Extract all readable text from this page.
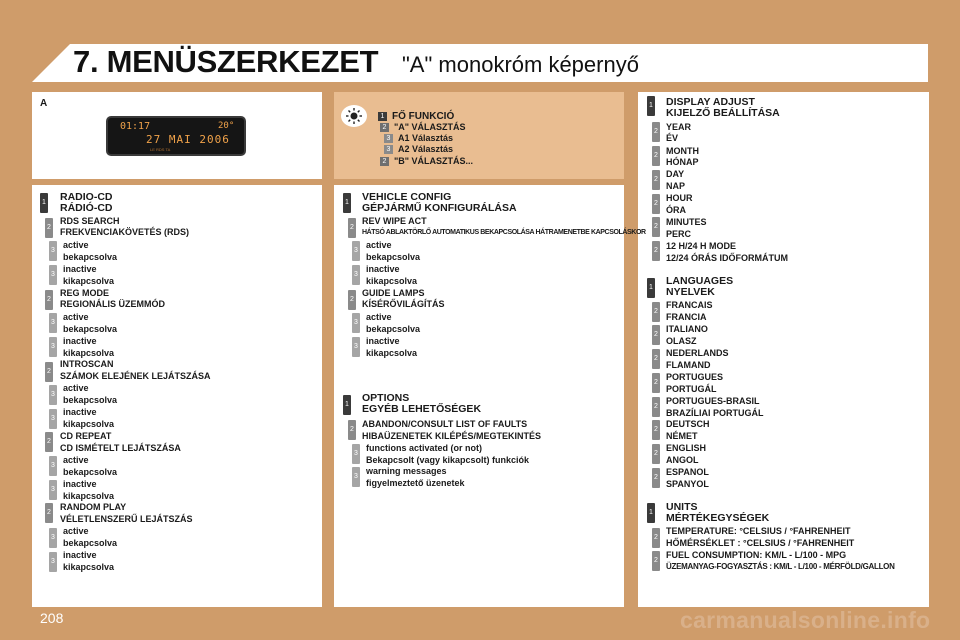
7. MENÜSZERKEZET "A" monokróm képernyő
A
01:17	20°
27 MAI 2006
LE RDS TA
1 FŐ FUNKCIÓ
2 "A" VÁLASZTÁS
3 A1 Választás
3 A2 Választás
2 "B" VÁLASZTÁS...
1 RADIO-CD
RÁDIÓ-CD
2
RDS SEARCH
FREKVENCIAKÖVETÉS (RDS)
3
active
bekapcsolva
3
inactive
kikapcsolva
2
REG MODE
REGIONÁLIS ÜZEMMÓD
3
active
bekapcsolva
3
inactive
kikapcsolva
2
INTROSCAN
SZÁMOK ELEJÉNEK LEJÁTSZÁSA
3
active
bekapcsolva
3
inactive
kikapcsolva
2
CD REPEAT
CD ISMÉTELT LEJÁTSZÁSA
3
active
bekapcsolva
3
inactive
kikapcsolva
2
RANDOM PLAY
VÉLETLENSZERŰ LEJÁTSZÁS
3
active
bekapcsolva
3
inactive
kikapcsolva
1 VEHICLE CONFIG
GÉPJÁRMŰ KONFIGURÁLÁSA
2
REV WIPE ACT
HÁTSÓ ABLAKTÖRLŐ AUTOMATIKUS BEKAPCSOLÁSA HÁTRAMENETBE KAPCSOLÁSKOR
3
active
bekapcsolva
3
inactive
kikapcsolva
2
GUIDE LAMPS
KÍSÉRŐVILÁGÍTÁS
3
active
bekapcsolva
3
inactive
kikapcsolva
1
OPTIONS
EGYÉB LEHETŐSÉGEK
2
ABANDON/CONSULT LIST OF FAULTS
HIBAÜZENETEK KILÉPÉS/MEGTEKINTÉS
3
functions activated (or not)
Bekapcsolt (vagy kikapcsolt) funkciók
3
warning messages
figyelmeztető üzenetek
1 DISPLAY ADJUST
KIJELZŐ BEÁLLÍTÁSA
2 YEAR
ÉV
2 MONTH
HÓNAP
2
DAY
NAP
2
HOUR
ÓRA
2 MINUTES
PERC
2 12 H/24 H MODE
12/24 ÓRÁS IDŐFORMÁTUM
1
LANGUAGES
NYELVEK
2
FRANCAIS
FRANCIA
2
ITALIANO
OLASZ
2
NEDERLANDS
FLAMAND
2
PORTUGUES
PORTUGÁL
2
PORTUGUES-BRASIL
BRAZÍLIAI PORTUGÁL
2
DEUTSCH
NÉMET
2
ENGLISH
ANGOL
2
ESPANOL
SPANYOL
1 UNITS
MÉRTÉKEGYSÉGEK
2
TEMPERATURE: °CELSIUS / °FAHRENHEIT
HŐMÉRSÉKLET : °CELSIUS / °FAHRENHEIT
2
FUEL CONSUMPTION: KM/L - L/100 - MPG
ÜZEMANYAG-FOGYASZTÁS : KM/L - L/100 - MÉRFÖLD/GALLON
208	carmanualsonline.info
